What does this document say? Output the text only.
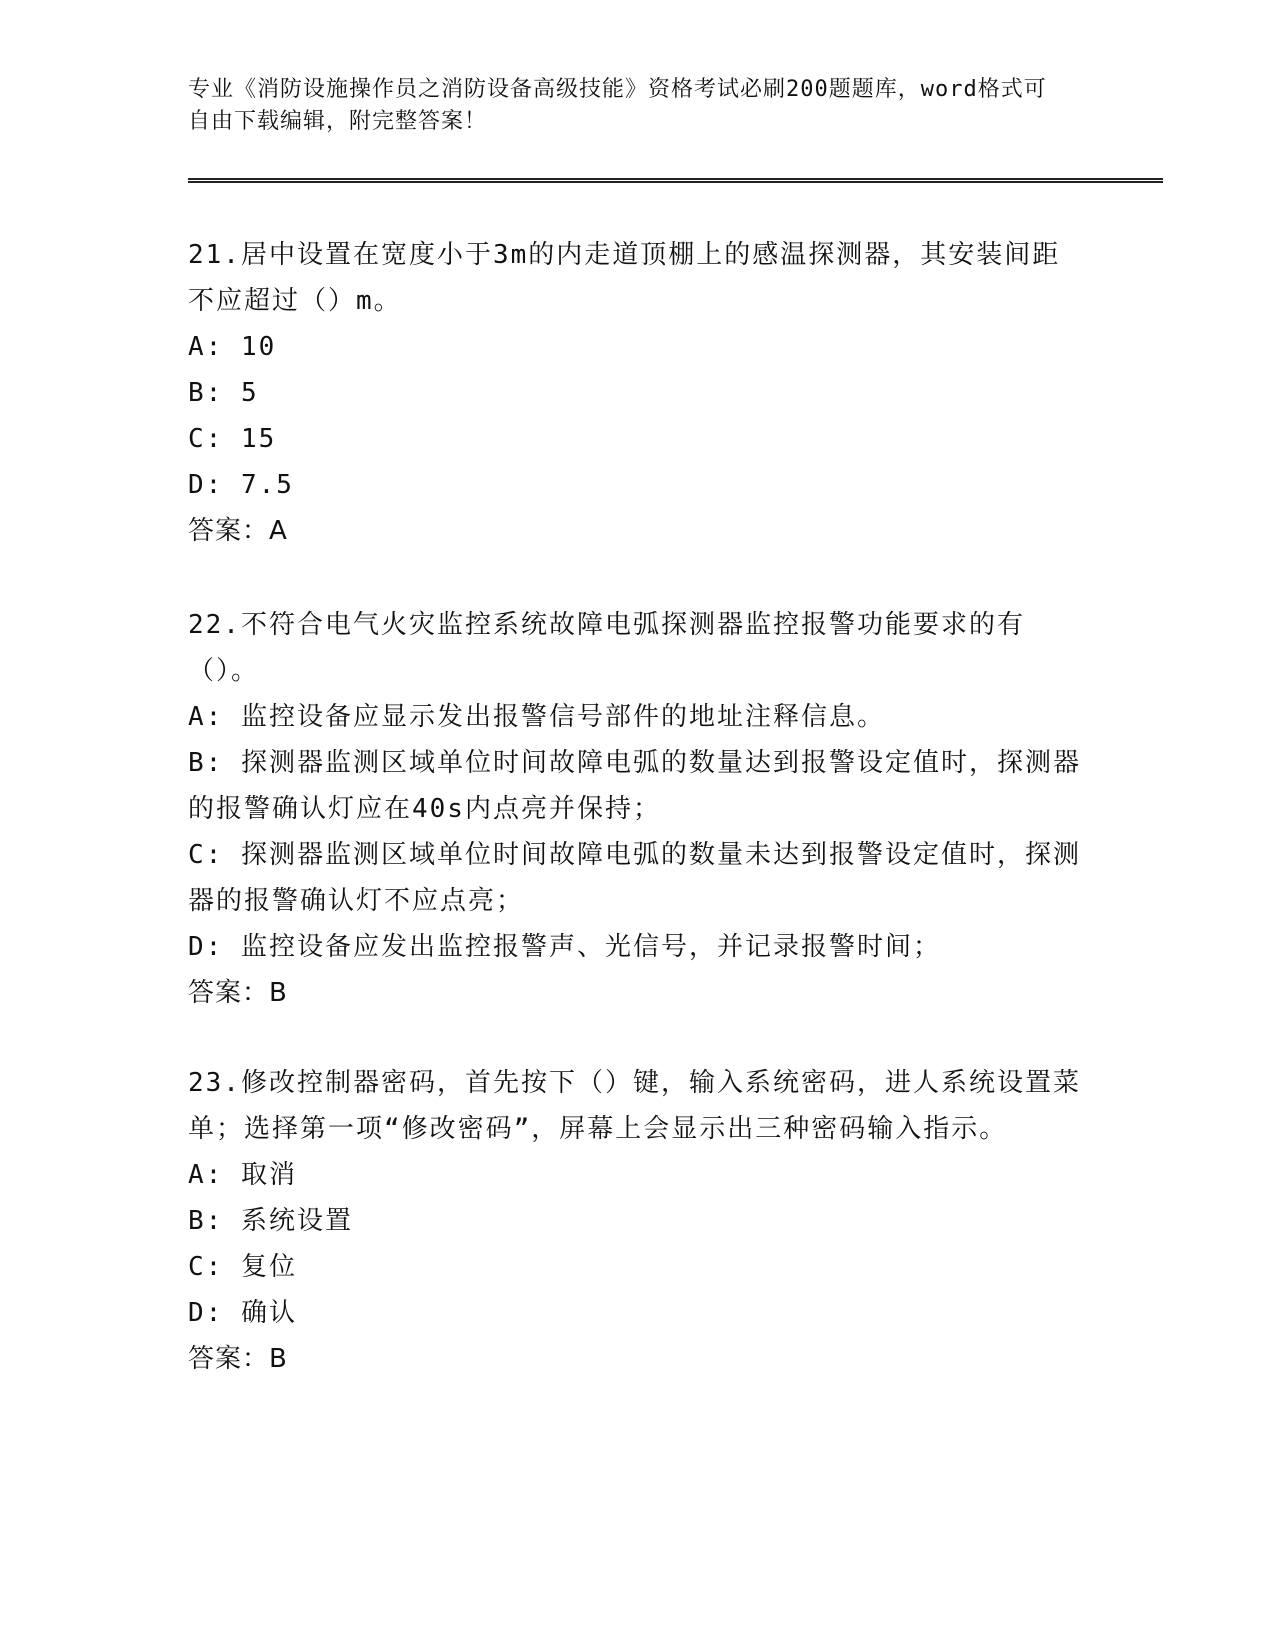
专业《消防设施操作员之消防设备高级技能》资格考试必刷200题题库，word格式可自由下载编辑，附完整答案！
21.居中设置在宽度小于3m的内走道顶棚上的感温探测器，其安装间距不应超过（）m。
A: 10
B: 5
C: 15
D: 7.5
答案：A
22.不符合电气火灾监控系统故障电弧探测器监控报警功能要求的有（）。
A: 监控设备应显示发出报警信号部件的地址注释信息。
B: 探测器监测区域单位时间故障电弧的数量达到报警设定值时，探测器的报警确认灯应在40s内点亮并保持；
C: 探测器监测区域单位时间故障电弧的数量未达到报警设定值时，探测器的报警确认灯不应点亮；
D: 监控设备应发出监控报警声、光信号，并记录报警时间；
答案：B
23.修改控制器密码，首先按下（）键，输入系统密码，进人系统设置菜单；选择第一项“修改密码”，屏幕上会显示出三种密码输入指示。
A: 取消
B: 系统设置
C: 复位
D: 确认
答案：B
